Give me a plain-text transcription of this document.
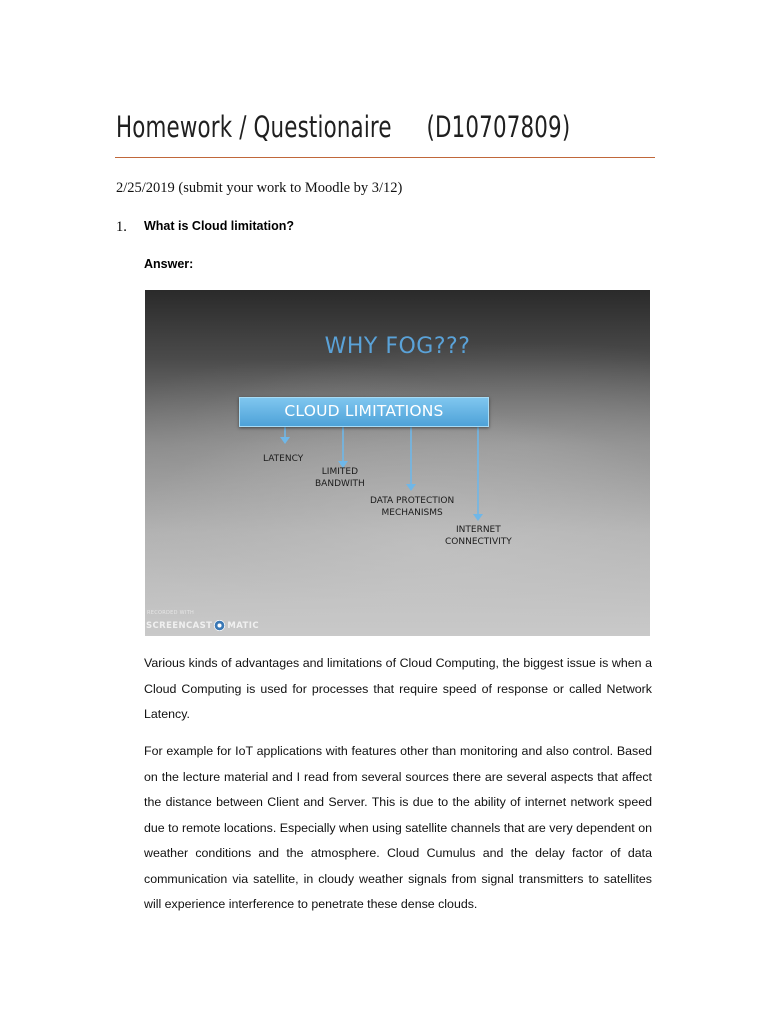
Homework / Questionaire     (D10707809)
2/25/2019 (submit your work to Moodle by 3/12)
1. What is Cloud limitation?
Answer:
WHY FOG???
CLOUD LIMITATIONS
LATENCY
LIMITED
BANDWITH
DATA PROTECTION
MECHANISMS
INTERNET
CONNECTIVITY
RECORDED WITH
SCREENCAST MATIC
Various kinds of advantages and limitations of Cloud Computing, the biggest issue is when a Cloud Computing is used for processes that require speed of response or called Network Latency.
For example for IoT applications with features other than monitoring and also control. Based on the lecture material and I read from several sources there are several aspects that affect the distance between Client and Server. This is due to the ability of internet network speed due to remote locations. Especially when using satellite channels that are very dependent on weather conditions and the atmosphere. Cloud Cumulus and the delay factor of data communication via satellite, in cloudy weather signals from signal transmitters to satellites will experience interference to penetrate these dense clouds.
